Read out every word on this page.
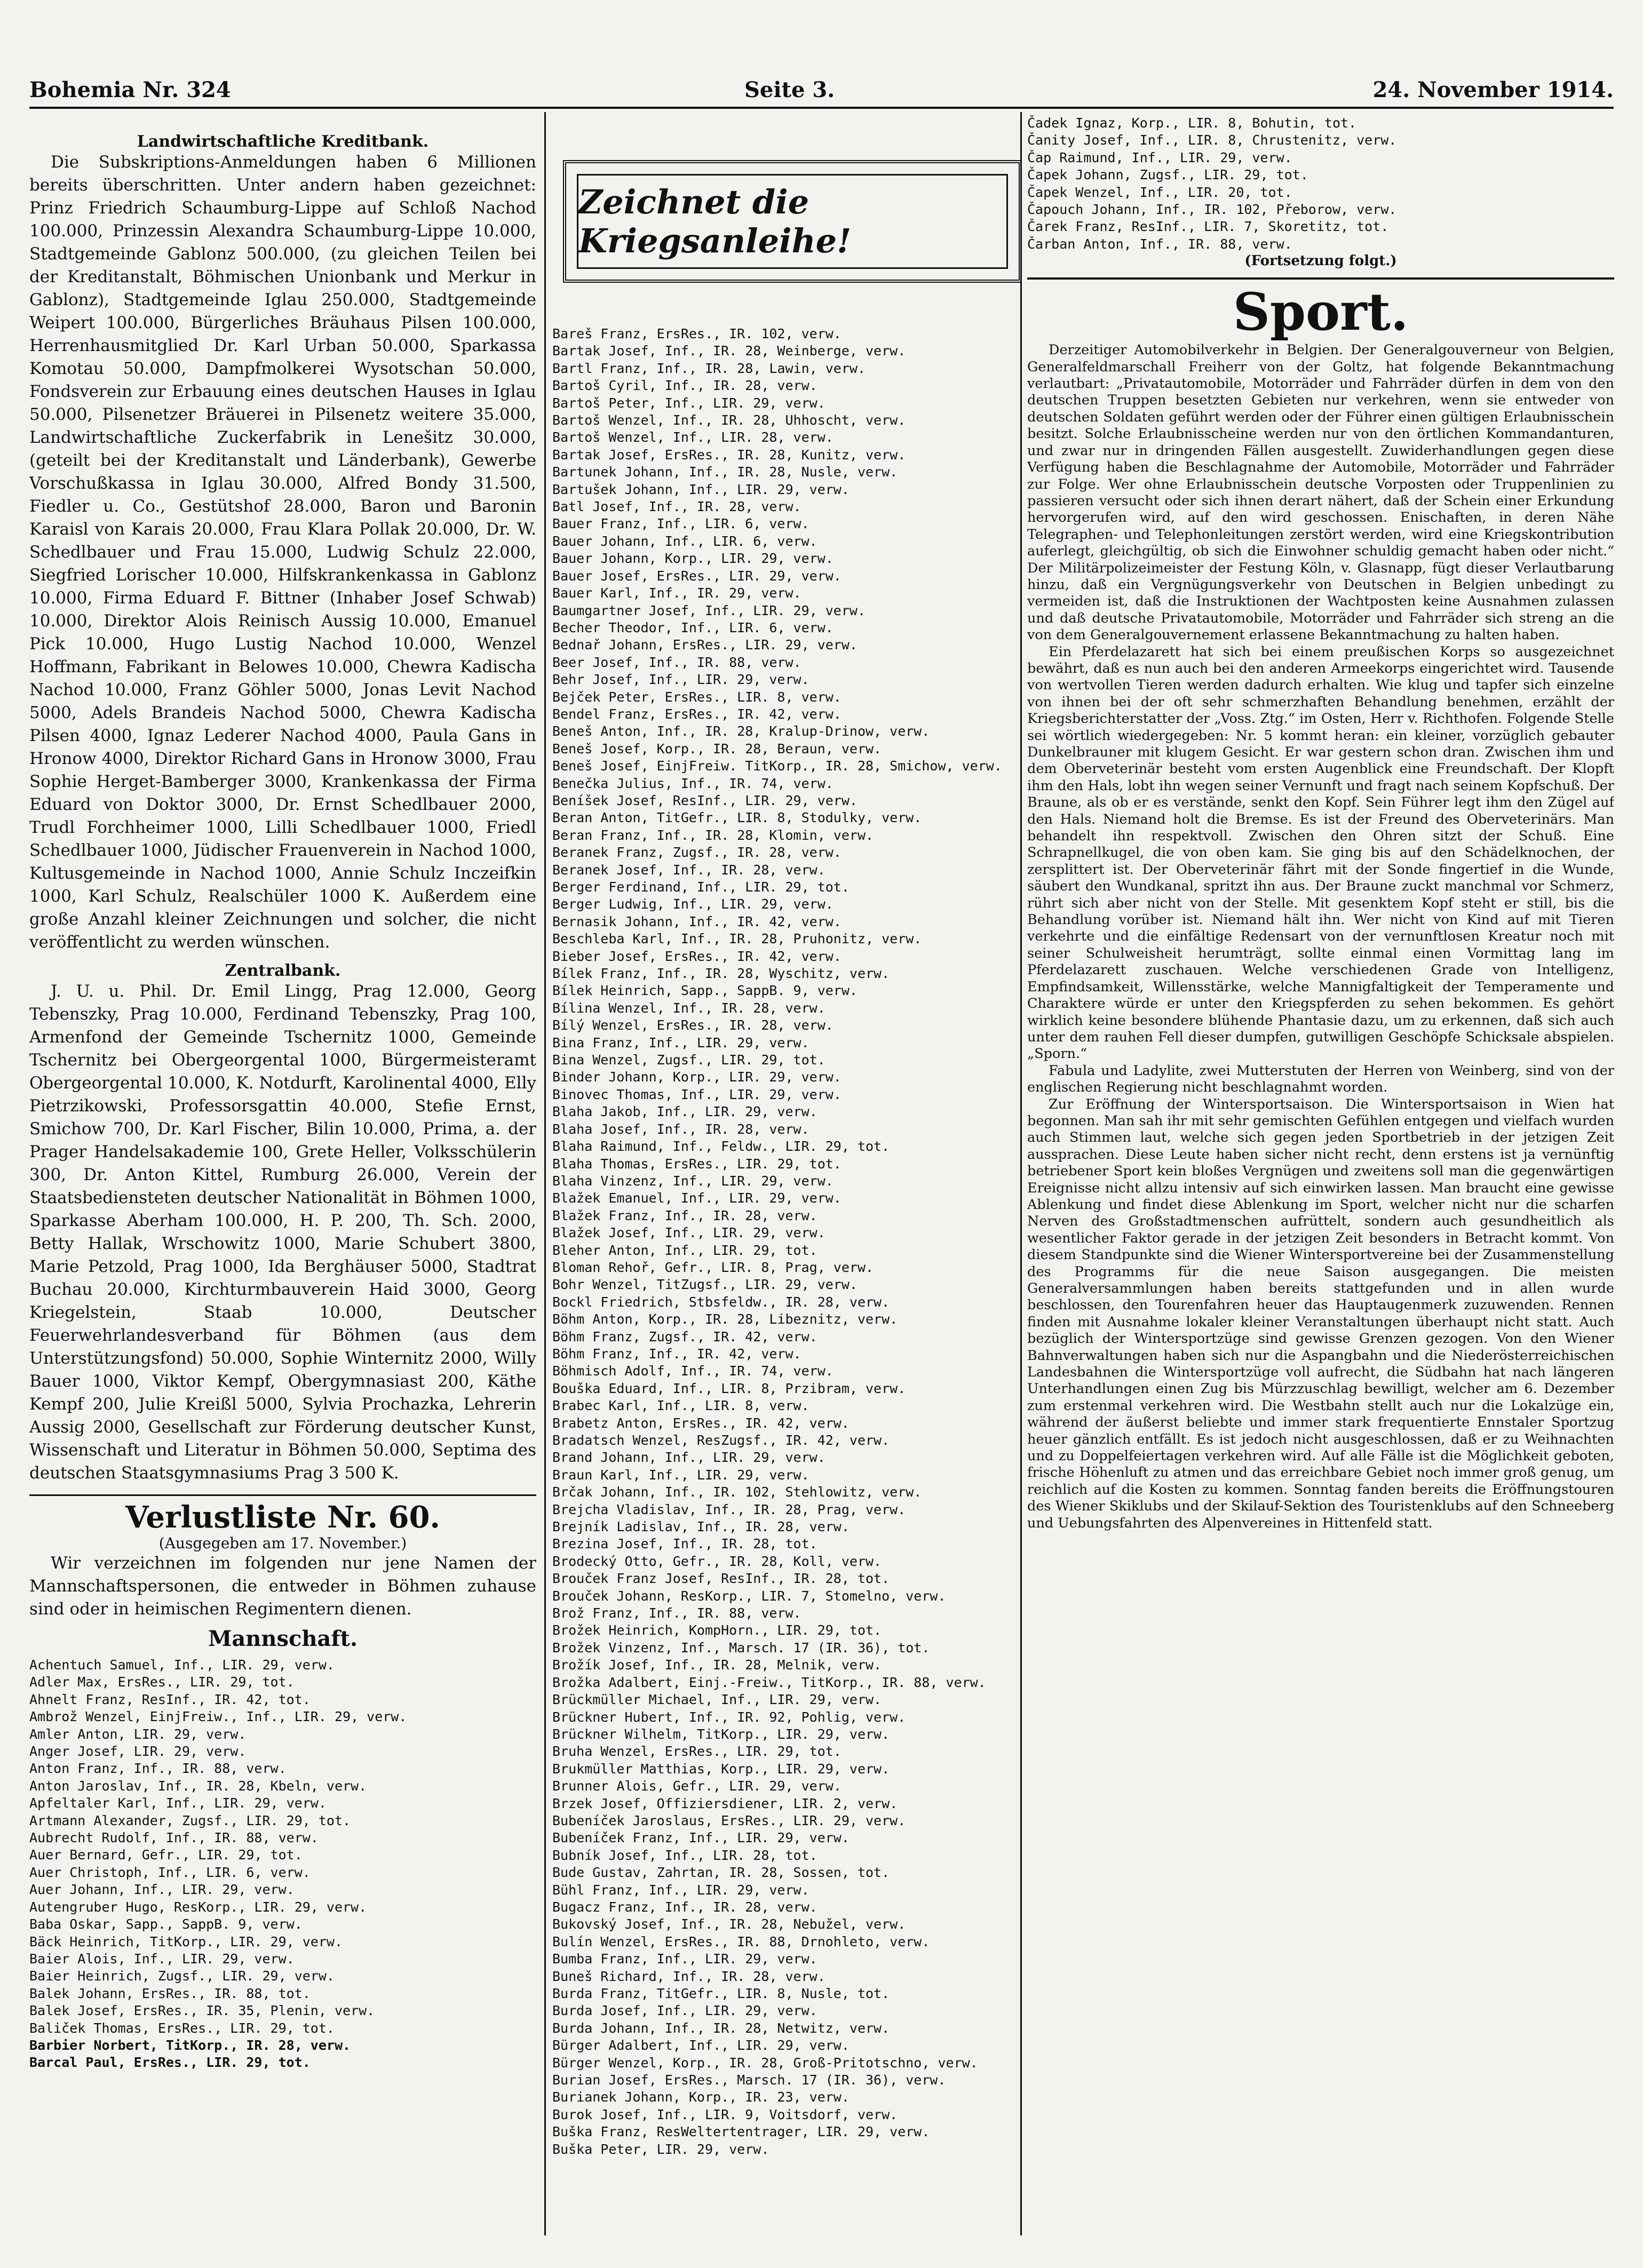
Bohemia Nr. 324	Seite 3.	24. November 1914.

Landwirtschaftliche Kreditbank.

Die Subskriptions-Anmeldungen haben 6 Millionen bereits überschritten. Unter andern haben gezeichnet: Prinz Friedrich Schaumburg-Lippe auf Schloß Nachod 100.000, Prinzessin Alexandra Schaumburg-Lippe 10.000, Stadtgemeinde Gablonz 500.000, (zu gleichen Teilen bei der Kreditanstalt, Böhmischen Unionbank und Merkur in Gablonz), Stadtgemeinde Iglau 250.000, Stadtgemeinde Weipert 100.000, Bürgerliches Bräuhaus Pilsen 100.000, Herrenhausmitglied Dr. Karl Urban 50.000, Sparkassa Komotau 50.000, Dampfmolkerei Wysotschan 50.000, Fondsverein zur Erbauung eines deutschen Hauses in Iglau 50.000, Pilsenetzer Bräuerei in Pilsenetz weitere 35.000, Landwirtschaftliche Zuckerfabrik in Lenešitz 30.000, (geteilt bei der Kreditanstalt und Länderbank), Gewerbe Vorschußkassa in Iglau 30.000, Alfred Bondy 31.500, Fiedler u. Co., Gestütshof 28.000, Baron und Baronin Karaisl von Karais 20.000, Frau Klara Pollak 20.000, Dr. W. Schedlbauer und Frau 15.000, Ludwig Schulz 22.000, Siegfried Lorischer 10.000, Hilfskrankenkassa in Gablonz 10.000, Firma Eduard F. Bittner (Inhaber Josef Schwab) 10.000, Direktor Alois Reinisch Aussig 10.000, Emanuel Pick 10.000, Hugo Lustig Nachod 10.000, Wenzel Hoffmann, Fabrikant in Belowes 10.000, Chewra Kadischa Nachod 10.000, Franz Göhler 5000, Jonas Levit Nachod 5000, Adels Brandeis Nachod 5000, Chewra Kadischa Pilsen 4000, Ignaz Lederer Nachod 4000, Paula Gans in Hronow 4000, Direktor Richard Gans in Hronow 3000, Frau Sophie Herget-Bamberger 3000, Krankenkassa der Firma Eduard von Doktor 3000, Dr. Ernst Schedlbauer 2000, Trudl Forchheimer 1000, Lilli Schedlbauer 1000, Friedl Schedlbauer 1000, Jüdischer Frauenverein in Nachod 1000, Kultusgemeinde in Nachod 1000, Annie Schulz Inczeifkin 1000, Karl Schulz, Realschüler 1000 K. Außerdem eine große Anzahl kleiner Zeichnungen und solcher, die nicht veröffentlicht zu werden wünschen.

Zentralbank.

J. U. u. Phil. Dr. Emil Lingg, Prag 12.000, Georg Tebenszky, Prag 10.000, Ferdinand Tebenszky, Prag 100, Armenfond der Gemeinde Tschernitz 1000, Gemeinde Tschernitz bei Obergeorgental 1000, Bürgermeisteramt Obergeorgental 10.000, K. Notdurft, Karolinental 4000, Elly Pietrzikowski, Professorsgattin 40.000, Stefie Ernst, Smichow 700, Dr. Karl Fischer, Bilin 10.000, Prima, a. der Prager Handelsakademie 100, Grete Heller, Volksschülerin 300, Dr. Anton Kittel, Rumburg 26.000, Verein der Staatsbediensteten deutscher Nationalität in Böhmen 1000, Sparkasse Aberham 100.000, H. P. 200, Th. Sch. 2000, Betty Hallak, Wrschowitz 1000, Marie Schubert 3800, Marie Petzold, Prag 1000, Ida Berghäuser 5000, Stadtrat Buchau 20.000, Kirchturmbauverein Haid 3000, Georg Kriegelstein, Staab 10.000, Deutscher Feuerwehrlandesverband für Böhmen (aus dem Unterstützungsfond) 50.000, Sophie Winternitz 2000, Willy Bauer 1000, Viktor Kempf, Obergymnasiast 200, Käthe Kempf 200, Julie Kreißl 5000, Sylvia Prochazka, Lehrerin Aussig 2000, Gesellschaft zur Förderung deutscher Kunst, Wissenschaft und Literatur in Böhmen 50.000, Septima des deutschen Staatsgymnasiums Prag 3 500 K.

Verlustliste Nr. 60.

(Ausgegeben am 17. November.)

Wir verzeichnen im folgenden nur jene Namen der Mannschaftspersonen, die entweder in Böhmen zuhause sind oder in heimischen Regimentern dienen.

Mannschaft.

Achentuch Samuel, Inf., LIR. 29, verw.

Adler Max, ErsRes., LIR. 29, tot.

Ahnelt Franz, ResInf., IR. 42, tot.

Ambrož Wenzel, EinjFreiw., Inf., LIR. 29, verw.

Amler Anton, LIR. 29, verw.

Anger Josef, LIR. 29, verw.

Anton Franz, Inf., IR. 88, verw.

Anton Jaroslav, Inf., IR. 28, Kbeln, verw.

Apfeltaler Karl, Inf., LIR. 29, verw.

Artmann Alexander, Zugsf., LIR. 29, tot.

Aubrecht Rudolf, Inf., IR. 88, verw.

Auer Bernard, Gefr., LIR. 29, tot.

Auer Christoph, Inf., LIR. 6, verw.

Auer Johann, Inf., LIR. 29, verw.

Autengruber Hugo, ResKorp., LIR. 29, verw.

Baba Oskar, Sapp., SappB. 9, verw.

Bäck Heinrich, TitKorp., LIR. 29, verw.

Baier Alois, Inf., LIR. 29, verw.

Baier Heinrich, Zugsf., LIR. 29, verw.

Balek Johann, ErsRes., IR. 88, tot.

Balek Josef, ErsRes., IR. 35, Plenin, verw.

Baliček Thomas, ErsRes., LIR. 29, tot.

Barbier Norbert, TitKorp., IR. 28, verw.

Barcal Paul, ErsRes., LIR. 29, tot.

Zeichnet die Kriegsanleihe!

Bareš Franz, ErsRes., IR. 102, verw.

Bartak Josef, Inf., IR. 28, Weinberge, verw.

Bartl Franz, Inf., IR. 28, Lawin, verw.

Bartoš Cyril, Inf., IR. 28, verw.

Bartoš Peter, Inf., LIR. 29, verw.

Bartoš Wenzel, Inf., IR. 28, Uhhoscht, verw.

Bartoš Wenzel, Inf., LIR. 28, verw.

Bartak Josef, ErsRes., IR. 28, Kunitz, verw.

Bartunek Johann, Inf., IR. 28, Nusle, verw.

Bartušek Johann, Inf., LIR. 29, verw.

Batl Josef, Inf., IR. 28, verw.

Bauer Franz, Inf., LIR. 6, verw.

Bauer Johann, Inf., LIR. 6, verw.

Bauer Johann, Korp., LIR. 29, verw.

Bauer Josef, ErsRes., LIR. 29, verw.

Bauer Karl, Inf., IR. 29, verw.

Baumgartner Josef, Inf., LIR. 29, verw.

Becher Theodor, Inf., LIR. 6, verw.

Bednař Johann, ErsRes., LIR. 29, verw.

Beer Josef, Inf., IR. 88, verw.

Behr Josef, Inf., LIR. 29, verw.

Bejček Peter, ErsRes., LIR. 8, verw.

Bendel Franz, ErsRes., IR. 42, verw.

Beneš Anton, Inf., IR. 28, Kralup-Drinow, verw.

Beneš Josef, Korp., IR. 28, Beraun, verw.

Beneš Josef, EinjFreiw. TitKorp., IR. 28, Smichow, verw.

Benečka Julius, Inf., IR. 74, verw.

Beníšek Josef, ResInf., LIR. 29, verw.

Beran Anton, TitGefr., LIR. 8, Stodulky, verw.

Beran Franz, Inf., IR. 28, Klomin, verw.

Beranek Franz, Zugsf., IR. 28, verw.

Beranek Josef, Inf., IR. 28, verw.

Berger Ferdinand, Inf., LIR. 29, tot.

Berger Ludwig, Inf., LIR. 29, verw.

Bernasik Johann, Inf., IR. 42, verw.

Beschleba Karl, Inf., IR. 28, Pruhonitz, verw.

Bieber Josef, ErsRes., IR. 42, verw.

Bílek Franz, Inf., IR. 28, Wyschitz, verw.

Bílek Heinrich, Sapp., SappB. 9, verw.

Bílina Wenzel, Inf., IR. 28, verw.

Bílý Wenzel, ErsRes., IR. 28, verw.

Bina Franz, Inf., LIR. 29, verw.

Bina Wenzel, Zugsf., LIR. 29, tot.

Binder Johann, Korp., LIR. 29, verw.

Binovec Thomas, Inf., LIR. 29, verw.

Blaha Jakob, Inf., LIR. 29, verw.

Blaha Josef, Inf., IR. 28, verw.

Blaha Raimund, Inf., Feldw., LIR. 29, tot.

Blaha Thomas, ErsRes., LIR. 29, tot.

Blaha Vinzenz, Inf., LIR. 29, verw.

Blažek Emanuel, Inf., LIR. 29, verw.

Blažek Franz, Inf., IR. 28, verw.

Blažek Josef, Inf., LIR. 29, verw.

Bleher Anton, Inf., LIR. 29, tot.

Bloman Rehoř, Gefr., LIR. 8, Prag, verw.

Bohr Wenzel, TitZugsf., LIR. 29, verw.

Bockl Friedrich, Stbsfeldw., IR. 28, verw.

Böhm Anton, Korp., IR. 28, Libeznitz, verw.

Böhm Franz, Zugsf., IR. 42, verw.

Böhm Franz, Inf., IR. 42, verw.

Böhmisch Adolf, Inf., IR. 74, verw.

Bouška Eduard, Inf., LIR. 8, Przibram, verw.

Brabec Karl, Inf., LIR. 8, verw.

Brabetz Anton, ErsRes., IR. 42, verw.

Bradatsch Wenzel, ResZugsf., IR. 42, verw.

Brand Johann, Inf., LIR. 29, verw.

Braun Karl, Inf., LIR. 29, verw.

Brčak Johann, Inf., IR. 102, Stehlowitz, verw.

Brejcha Vladislav, Inf., IR. 28, Prag, verw.

Brejník Ladislav, Inf., IR. 28, verw.

Brezina Josef, Inf., IR. 28, tot.

Brodecký Otto, Gefr., IR. 28, Koll, verw.

Brouček Franz Josef, ResInf., IR. 28, tot.

Brouček Johann, ResKorp., LIR. 7, Stomelno, verw.

Brož Franz, Inf., IR. 88, verw.

Brožek Heinrich, KompHorn., LIR. 29, tot.

Brožek Vinzenz, Inf., Marsch. 17 (IR. 36), tot.

Brožík Josef, Inf., IR. 28, Melnik, verw.

Brožka Adalbert, Einj.-Freiw., TitKorp., IR. 88, verw.

Brückmüller Michael, Inf., LIR. 29, verw.

Brückner Hubert, Inf., IR. 92, Pohlig, verw.

Brückner Wilhelm, TitKorp., LIR. 29, verw.

Bruha Wenzel, ErsRes., LIR. 29, tot.

Brukmüller Matthias, Korp., LIR. 29, verw.

Brunner Alois, Gefr., LIR. 29, verw.

Brzek Josef, Offiziersdiener, LIR. 2, verw.

Bubeníček Jaroslaus, ErsRes., LIR. 29, verw.

Bubeníček Franz, Inf., LIR. 29, verw.

Bubník Josef, Inf., LIR. 28, tot.

Bude Gustav, Zahrtan, IR. 28, Sossen, tot.

Bühl Franz, Inf., LIR. 29, verw.

Bugacz Franz, Inf., IR. 28, verw.

Bukovský Josef, Inf., IR. 28, Nebužel, verw.

Bulín Wenzel, ErsRes., IR. 88, Drnohleto, verw.

Bumba Franz, Inf., LIR. 29, verw.

Buneš Richard, Inf., IR. 28, verw.

Burda Franz, TitGefr., LIR. 8, Nusle, tot.

Burda Josef, Inf., LIR. 29, verw.

Burda Johann, Inf., IR. 28, Netwitz, verw.

Bürger Adalbert, Inf., LIR. 29, verw.

Bürger Wenzel, Korp., IR. 28, Groß-Pritotschno, verw.

Burian Josef, ErsRes., Marsch. 17 (IR. 36), verw.

Burianek Johann, Korp., IR. 23, verw.

Burok Josef, Inf., LIR. 9, Voitsdorf, verw.

Buška Franz, ResWeltertentrager, LIR. 29, verw.

Buška Peter, LIR. 29, verw.

Čadek Ignaz, Korp., LIR. 8, Bohutin, tot.

Čanity Josef, Inf., LIR. 8, Chrustenitz, verw.

Čap Raimund, Inf., LIR. 29, verw.

Čapek Johann, Zugsf., LIR. 29, tot.

Čapek Wenzel, Inf., LIR. 20, tot.

Čapouch Johann, Inf., IR. 102, Přeborow, verw.

Čarek Franz, ResInf., LIR. 7, Skoretitz, tot.

Čarban Anton, Inf., IR. 88, verw.

(Fortsetzung folgt.)

Sport.

Derzeitiger Automobilverkehr in Belgien. Der Generalgouverneur von Belgien, Generalfeldmarschall Freiherr von der Goltz, hat folgende Bekanntmachung verlautbart: „Privatautomobile, Motorräder und Fahrräder dürfen in dem von den deutschen Truppen besetzten Gebieten nur verkehren, wenn sie entweder von deutschen Soldaten geführt werden oder der Führer einen gültigen Erlaubnisschein besitzt. Solche Erlaubnisscheine werden nur von den örtlichen Kommandanturen, und zwar nur in dringenden Fällen ausgestellt. Zuwiderhandlungen gegen diese Verfügung haben die Beschlagnahme der Automobile, Motorräder und Fahrräder zur Folge. Wer ohne Erlaubnisschein deutsche Vorposten oder Truppenlinien zu passieren versucht oder sich ihnen derart nähert, daß der Schein einer Erkundung hervorgerufen wird, auf den wird geschossen. Enischaften, in deren Nähe Telegraphen- und Telephonleitungen zerstört werden, wird eine Kriegskontribution auferlegt, gleichgültig, ob sich die Einwohner schuldig gemacht haben oder nicht.“ Der Militärpolizeimeister der Festung Köln, v. Glasnapp, fügt dieser Verlautbarung hinzu, daß ein Vergnügungsverkehr von Deutschen in Belgien unbedingt zu vermeiden ist, daß die Instruktionen der Wachtposten keine Ausnahmen zulassen und daß deutsche Privatautomobile, Motorräder und Fahrräder sich streng an die von dem Generalgouvernement erlassene Bekanntmachung zu halten haben.

Ein Pferdelazarett hat sich bei einem preußischen Korps so ausgezeichnet bewährt, daß es nun auch bei den anderen Armeekorps eingerichtet wird. Tausende von wertvollen Tieren werden dadurch erhalten. Wie klug und tapfer sich einzelne von ihnen bei der oft sehr schmerzhaften Behandlung benehmen, erzählt der Kriegsberichterstatter der „Voss. Ztg.“ im Osten, Herr v. Richthofen. Folgende Stelle sei wörtlich wiedergegeben: Nr. 5 kommt heran: ein kleiner, vorzüglich gebauter Dunkelbrauner mit klugem Gesicht. Er war gestern schon dran. Zwischen ihm und dem Oberveterinär besteht vom ersten Augenblick eine Freundschaft. Der Klopft ihm den Hals, lobt ihn wegen seiner Vernunft und fragt nach seinem Kopfschuß. Der Braune, als ob er es verstände, senkt den Kopf. Sein Führer legt ihm den Zügel auf den Hals. Niemand holt die Bremse. Es ist der Freund des Oberveterinärs. Man behandelt ihn respektvoll. Zwischen den Ohren sitzt der Schuß. Eine Schrapnellkugel, die von oben kam. Sie ging bis auf den Schädelknochen, der zersplittert ist. Der Oberveterinär fährt mit der Sonde fingertief in die Wunde, säubert den Wundkanal, spritzt ihn aus. Der Braune zuckt manchmal vor Schmerz, rührt sich aber nicht von der Stelle. Mit gesenktem Kopf steht er still, bis die Behandlung vorüber ist. Niemand hält ihn. Wer nicht von Kind auf mit Tieren verkehrte und die einfältige Redensart von der vernunftlosen Kreatur noch mit seiner Schulweisheit herumträgt, sollte einmal einen Vormittag lang im Pferdelazarett zuschauen. Welche verschiedenen Grade von Intelligenz, Empfindsamkeit, Willensstärke, welche Mannigfaltigkeit der Temperamente und Charaktere würde er unter den Kriegspferden zu sehen bekommen. Es gehört wirklich keine besondere blühende Phantasie dazu, um zu erkennen, daß sich auch unter dem rauhen Fell dieser dumpfen, gutwilligen Geschöpfe Schicksale abspielen. „Sporn.“

Fabula und Ladylite, zwei Mutterstuten der Herren von Weinberg, sind von der englischen Regierung nicht beschlagnahmt worden.

Zur Eröffnung der Wintersportsaison. Die Wintersportsaison in Wien hat begonnen. Man sah ihr mit sehr gemischten Gefühlen entgegen und vielfach wurden auch Stimmen laut, welche sich gegen jeden Sportbetrieb in der jetzigen Zeit aussprachen. Diese Leute haben sicher nicht recht, denn erstens ist ja vernünftig betriebener Sport kein bloßes Vergnügen und zweitens soll man die gegenwärtigen Ereignisse nicht allzu intensiv auf sich einwirken lassen. Man braucht eine gewisse Ablenkung und findet diese Ablenkung im Sport, welcher nicht nur die scharfen Nerven des Großstadtmenschen aufrüttelt, sondern auch gesundheitlich als wesentlicher Faktor gerade in der jetzigen Zeit besonders in Betracht kommt. Von diesem Standpunkte sind die Wiener Wintersportvereine bei der Zusammenstellung des Programms für die neue Saison ausgegangen. Die meisten Generalversammlungen haben bereits stattgefunden und in allen wurde beschlossen, den Tourenfahren heuer das Hauptaugenmerk zuzuwenden. Rennen finden mit Ausnahme lokaler kleiner Veranstaltungen überhaupt nicht statt. Auch bezüglich der Wintersportzüge sind gewisse Grenzen gezogen. Von den Wiener Bahnverwaltungen haben sich nur die Aspangbahn und die Niederösterreichischen Landesbahnen die Wintersportzüge voll aufrecht, die Südbahn hat nach längeren Unterhandlungen einen Zug bis Mürzzuschlag bewilligt, welcher am 6. Dezember zum erstenmal verkehren wird. Die Westbahn stellt auch nur die Lokalzüge ein, während der äußerst beliebte und immer stark frequentierte Ennstaler Sportzug heuer gänzlich entfällt. Es ist jedoch nicht ausgeschlossen, daß er zu Weihnachten und zu Doppelfeiertagen verkehren wird. Auf alle Fälle ist die Möglichkeit geboten, frische Höhenluft zu atmen und das erreichbare Gebiet noch immer groß genug, um reichlich auf die Kosten zu kommen. Sonntag fanden bereits die Eröffnungstouren des Wiener Skiklubs und der Skilauf-Sektion des Touristenklubs auf den Schneeberg und Uebungsfahrten des Alpenvereines in Hittenfeld statt.
